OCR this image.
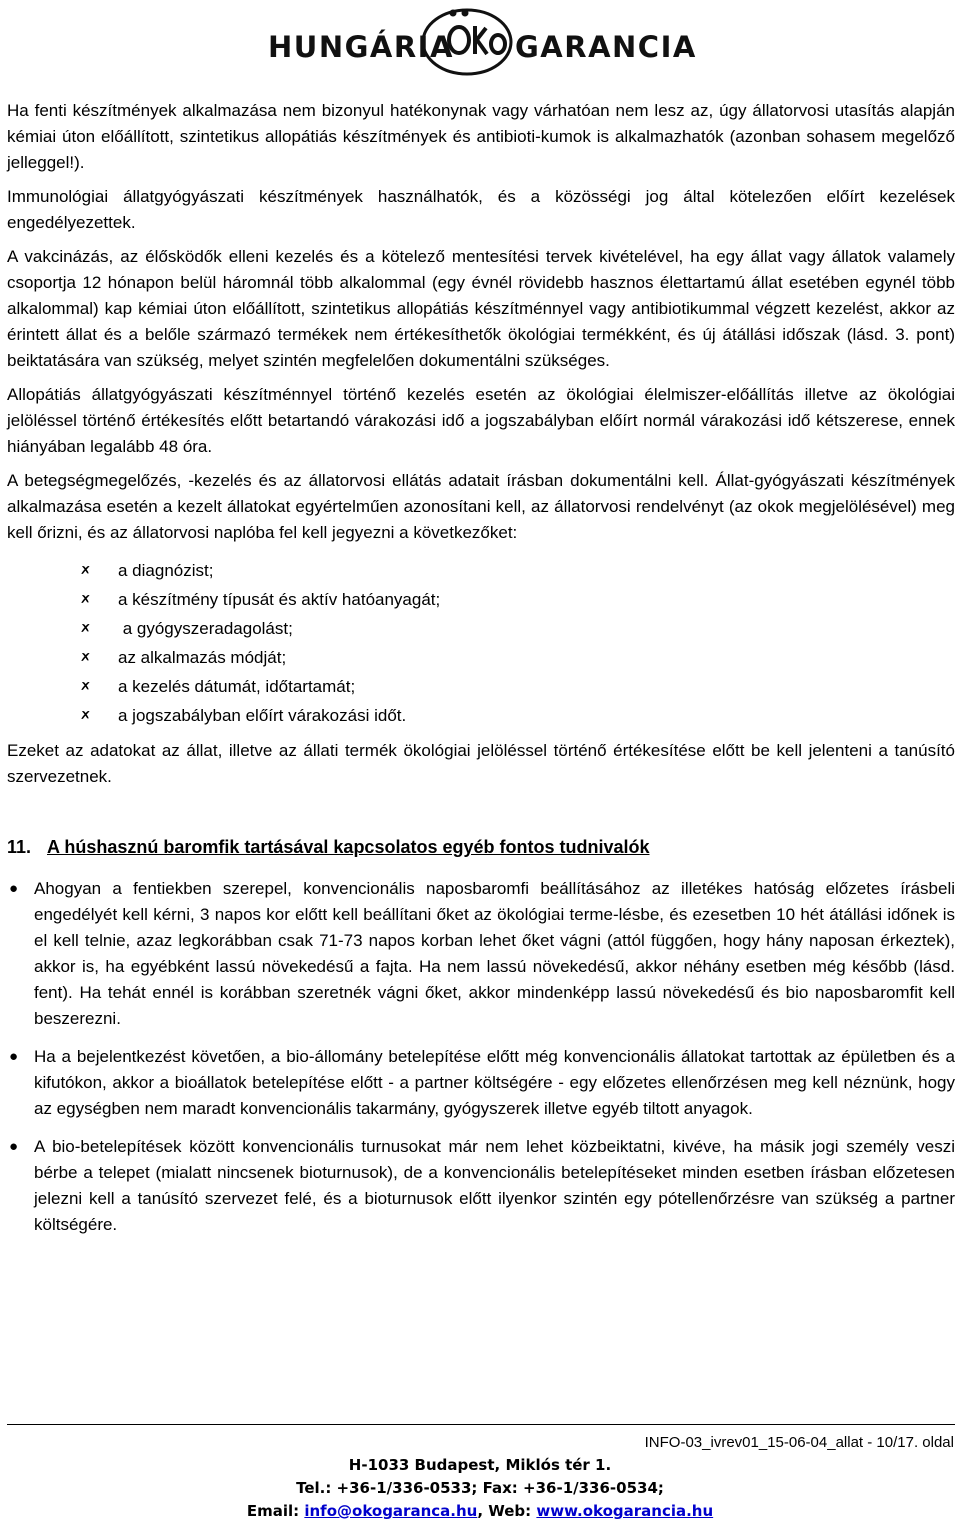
HUNGÁRIA GARANCIA

Ha fenti készítmények alkalmazása nem bizonyul hatékonynak vagy várhatóan nem lesz az, úgy állatorvosi utasítás alapján kémiai úton előállított, szintetikus allopátiás készítmények és antibioti-kumok is alkalmazhatók (azonban sohasem megelőző jelleggel!).

Immunológiai állatgyógyászati készítmények használhatók, és a közösségi jog által kötelezően előírt kezelések engedélyezettek.

A vakcinázás, az élősködők elleni kezelés és a kötelező mentesítési tervek kivételével, ha egy állat vagy állatok valamely csoportja 12 hónapon belül háromnál több alkalommal (egy évnél rövidebb hasznos élettartamú állat esetében egynél több alkalommal) kap kémiai úton előállított, szintetikus allopátiás készítménnyel vagy antibiotikummal végzett kezelést, akkor az érintett állat és a belőle származó termékek nem értékesíthetők ökológiai termékként, és új átállási időszak (lásd. 3. pont) beiktatására van szükség, melyet szintén megfelelően dokumentálni szükséges.

Allopátiás állatgyógyászati készítménnyel történő kezelés esetén az ökológiai élelmiszer-előállítás illetve az ökológiai jelöléssel történő értékesítés előtt betartandó várakozási idő a jogszabályban előírt normál várakozási idő kétszerese, ennek hiányában legalább 48 óra.

A betegségmegelőzés, -kezelés és az állatorvosi ellátás adatait írásban dokumentálni kell. Állat-gyógyászati készítmények alkalmazása esetén a kezelt állatokat egyértelműen azonosítani kell, az állatorvosi rendelvényt (az okok megjelölésével) meg kell őrizni, és az állatorvosi naplóba fel kell jegyezni a következőket:

🗴	a diagnózist;
🗴	a készítmény típusát és aktív hatóanyagát;
🗴	a gyógyszeradagolást;
🗴	az alkalmazás módját;
🗴	a kezelés dátumát, időtartamát;
🗴	a jogszabályban előírt várakozási időt.

Ezeket az adatokat az állat, illetve az állati termék ökológiai jelöléssel történő értékesítése előtt be kell jelenteni a tanúsító szervezetnek.

11. A húshasznú baromfik tartásával kapcsolatos egyéb fontos tudnivalók
● Ahogyan a fentiekben szerepel, konvencionális naposbaromfi beállításához az illetékes hatóság előzetes írásbeli engedélyét kell kérni, 3 napos kor előtt kell beállítani őket az ökológiai terme-lésbe, és ezesetben 10 hét átállási időnek is el kell telnie, azaz legkorábban csak 71-73 napos korban lehet őket vágni (attól függően, hogy hány naposan érkeztek), akkor is, ha egyébként lassú növekedésű a fajta. Ha nem lassú növekedésű, akkor néhány esetben még később (lásd. fent). Ha tehát ennél is korábban szeretnék vágni őket, akkor mindenképp lassú növekedésű és bio naposbaromfit kell beszerezni.
● Ha a bejelentkezést követően, a bio-állomány betelepítése előtt még konvencionális állatokat tartottak az épületben és a kifutókon, akkor a bioállatok betelepítése előtt - a partner költségére - egy előzetes ellenőrzésen meg kell néznünk, hogy az egységben nem maradt konvencionális takarmány, gyógyszerek illetve egyéb tiltott anyagok.
● A bio-betelepítések között konvencionális turnusokat már nem lehet közbeiktatni, kivéve, ha másik jogi személy veszi bérbe a telepet (mialatt nincsenek bioturnusok), de a konvencionális betelepítéseket minden esetben írásban előzetesen jelezni kell a tanúsító szervezet felé, és a bioturnusok előtt ilyenkor szintén egy pótellenőrzésre van szükség a partner költségére.
INFO-03_ivrev01_15-06-04_allat - 10/17. oldal
H-1033 Budapest, Miklós tér 1.
Tel.: +36-1/336-0533; Fax: +36-1/336-0534;
Email: info@okogaranca.hu, Web: www.okogarancia.hu
